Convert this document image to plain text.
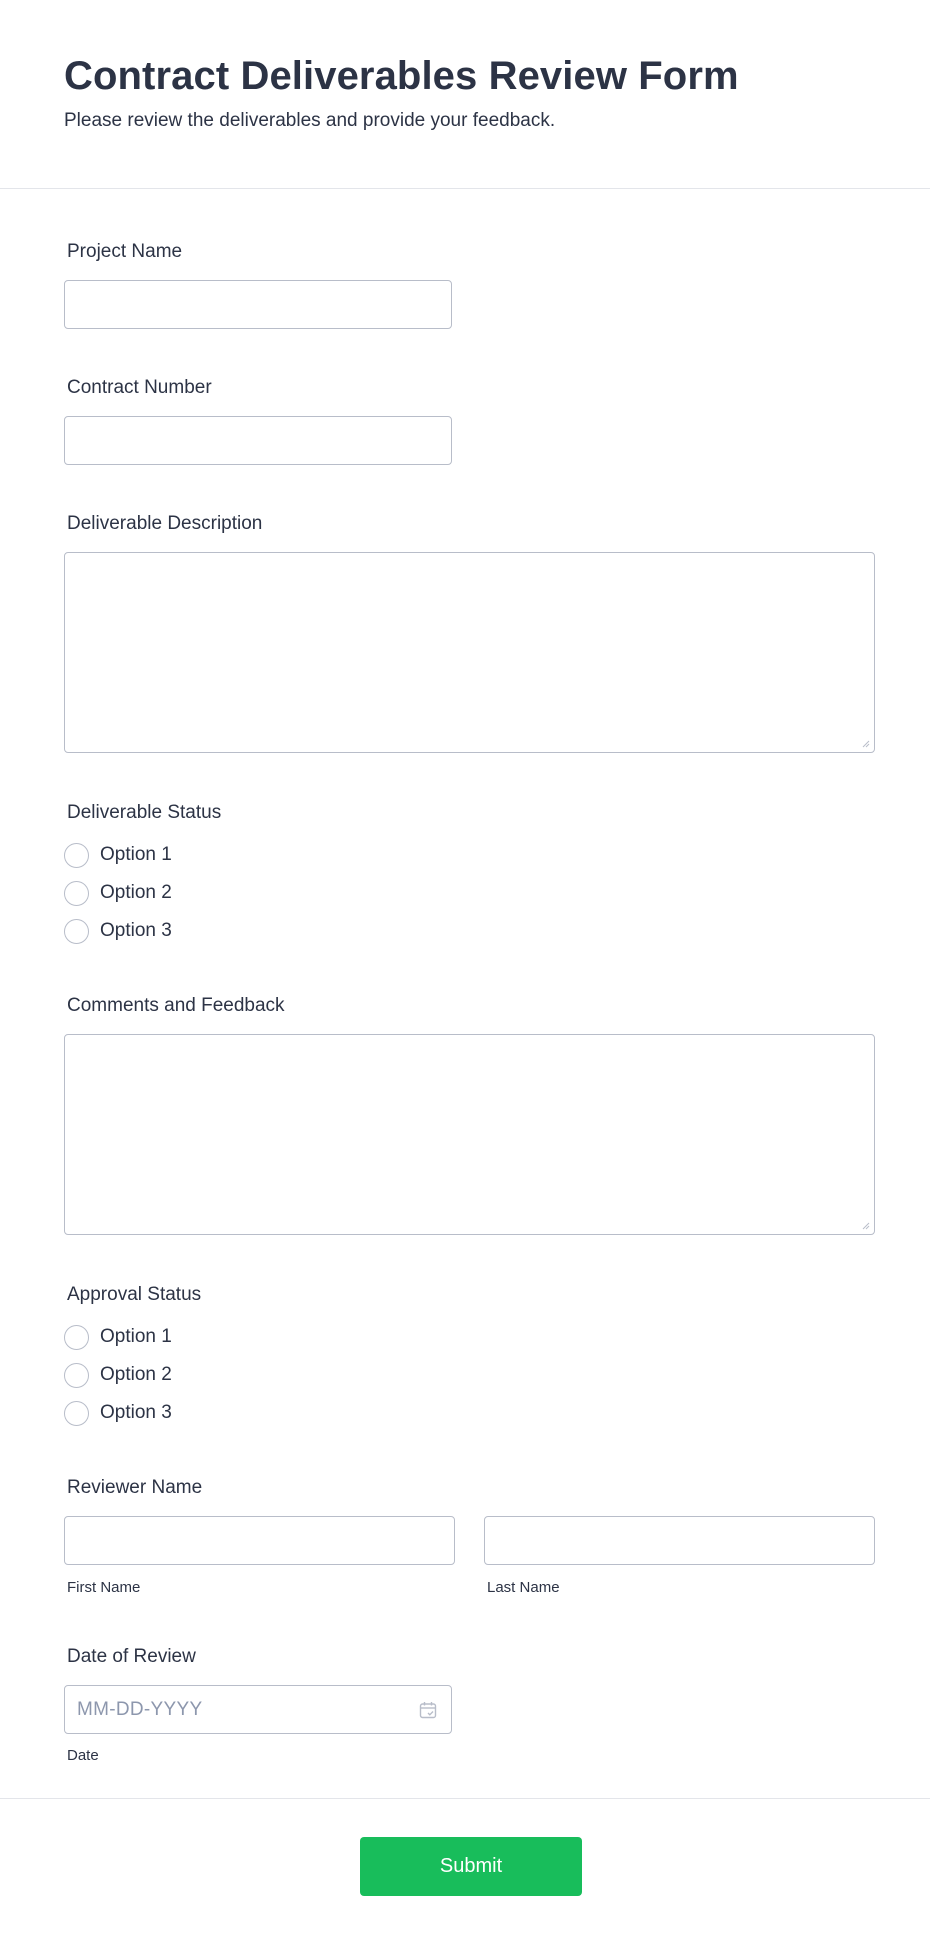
Contract Deliverables Review Form

Please review the deliverables and provide your feedback.

Project Name
Contract Number
Deliverable Description
Deliverable Status
Option 1
Option 2
Option 3
Comments and Feedback
Approval Status
Option 1
Option 2
Option 3
Reviewer Name
First Name	Last Name
Date of Review
MM-DD-YYYY
Date
Submit
